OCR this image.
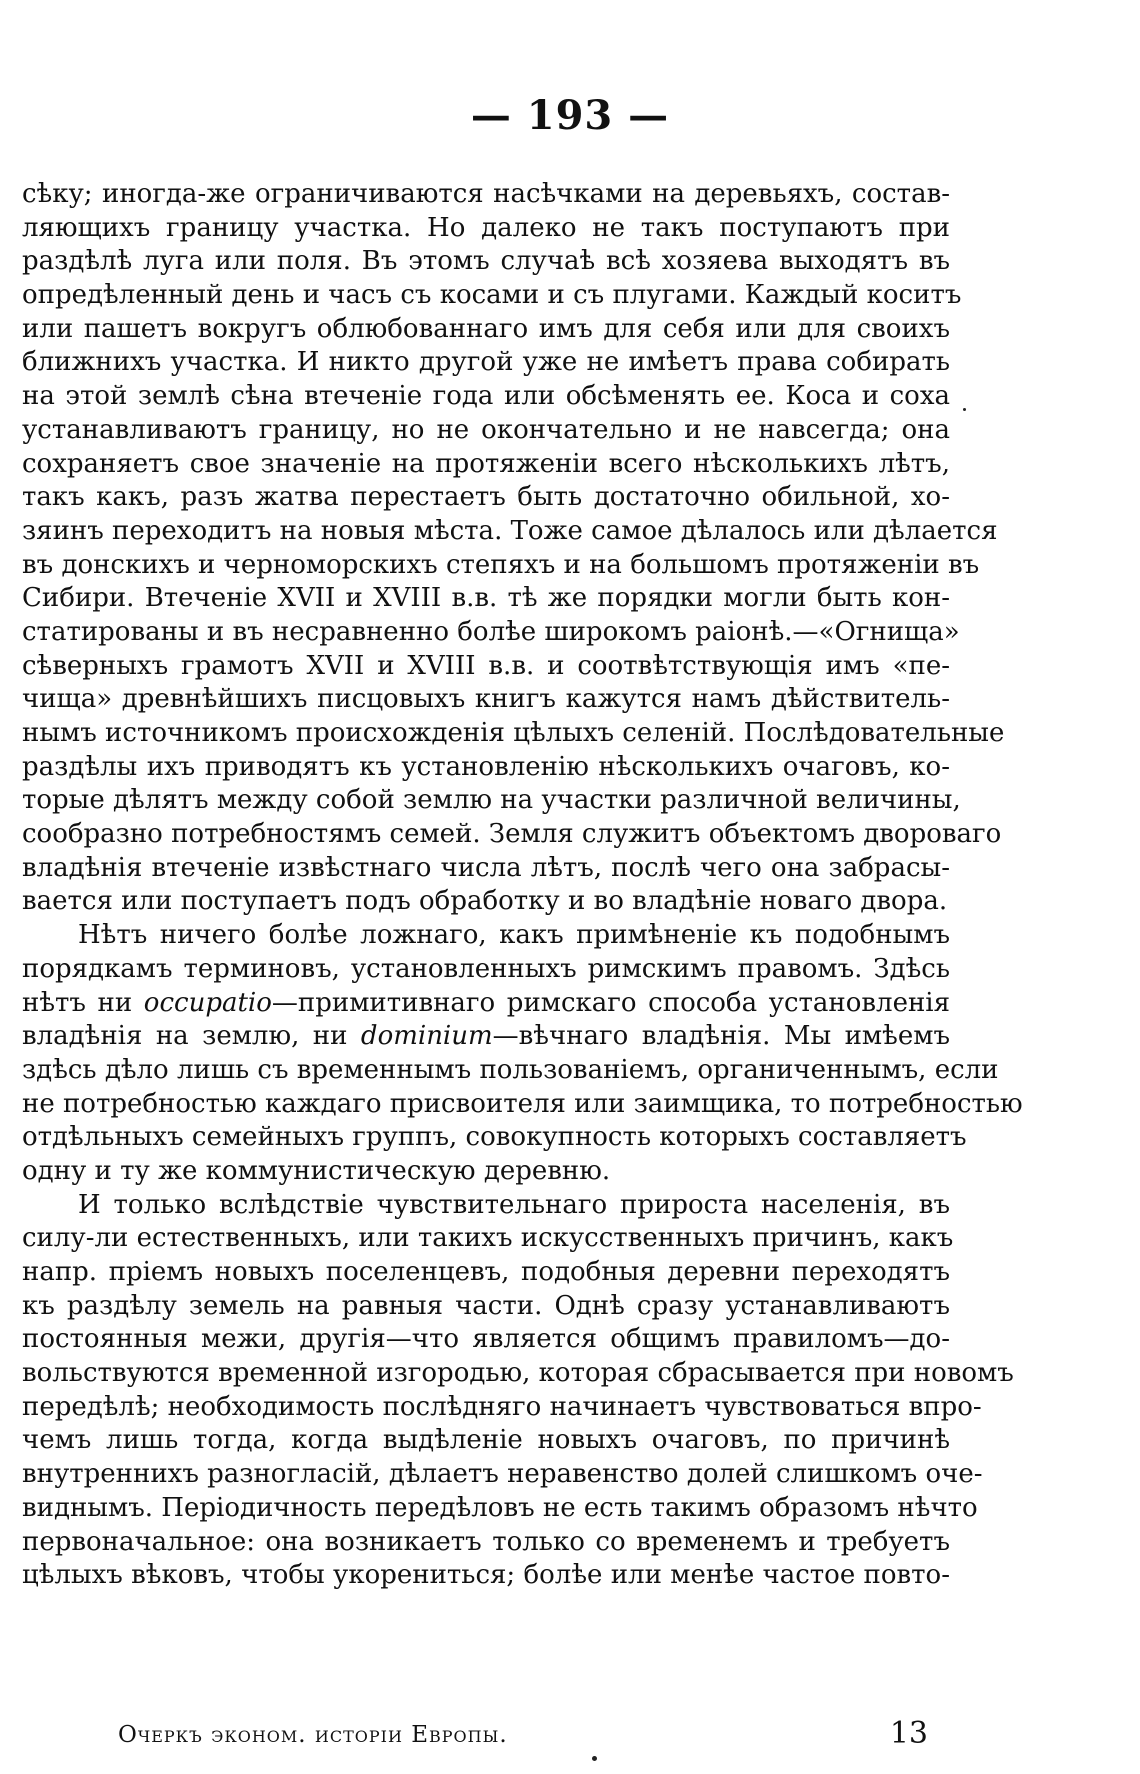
— 193 —
сѣку; иногда-же ограничиваются насѣчками на деревьяхъ, состав-
ляющихъ границу участка. Но далеко не такъ поступаютъ при
раздѣлѣ луга или поля. Въ этомъ случаѣ всѣ хозяева выходятъ въ
опредѣленный день и часъ съ косами и съ плугами. Каждый коситъ
или пашетъ вокругъ облюбованнаго имъ для себя или для своихъ
ближнихъ участка. И никто другой уже не имѣетъ права собирать
на этой землѣ сѣна втеченіе года или обсѣменять ее. Коса и соха
устанавливаютъ границу, но не окончательно и не навсегда; она
сохраняетъ свое значеніе на протяженіи всего нѣсколькихъ лѣтъ,
такъ какъ, разъ жатва перестаетъ быть достаточно обильной, хо-
зяинъ переходитъ на новыя мѣста. Тоже самое дѣлалось или дѣлается
въ донскихъ и черноморскихъ степяхъ и на большомъ протяженіи въ
Сибири. Втеченіе XVII и XVIII в.в. тѣ же порядки могли быть кон-
статированы и въ несравненно болѣе широкомъ раіонѣ.—«Огнища»
сѣверныхъ грамотъ XVII и XVIII в.в. и соотвѣтствующія имъ «пе-
чища» древнѣйшихъ писцовыхъ книгъ кажутся намъ дѣйствитель-
нымъ источникомъ происхожденія цѣлыхъ селеній. Послѣдовательные
раздѣлы ихъ приводятъ къ установленію нѣсколькихъ очаговъ, ко-
торые дѣлятъ между собой землю на участки различной величины,
сообразно потребностямъ семей. Земля служитъ объектомъ двороваго
владѣнія втеченіе извѣстнаго числа лѣтъ, послѣ чего она забрасы-
вается или поступаетъ подъ обработку и во владѣніе новаго двора.
Нѣтъ ничего болѣе ложнаго, какъ примѣненіе къ подобнымъ
порядкамъ терминовъ, установленныхъ римскимъ правомъ. Здѣсь
нѣтъ ни occupatio—примитивнаго римскаго способа установленія
владѣнія на землю, ни dominium—вѣчнаго владѣнія. Мы имѣемъ
здѣсь дѣло лишь съ временнымъ пользованіемъ, органиченнымъ, если
не потребностью каждаго присвоителя или заимщика, то потребностью
отдѣльныхъ семейныхъ группъ, совокупность которыхъ составляетъ
одну и ту же коммунистическую деревню.
И только вслѣдствіе чувствительнаго прироста населенія, въ
силу-ли естественныхъ, или такихъ искусственныхъ причинъ, какъ
напр. пріемъ новыхъ поселенцевъ, подобныя деревни переходятъ
къ раздѣлу земель на равныя части. Однѣ сразу устанавливаютъ
постоянныя межи, другія—что является общимъ правиломъ—до-
вольствуются временной изгородью, которая сбрасывается при новомъ
передѣлѣ; необходимость послѣдняго начинаетъ чувствоваться впро-
чемъ лишь тогда, когда выдѣленіе новыхъ очаговъ, по причинѣ
внутреннихъ разногласій, дѣлаетъ неравенство долей слишкомъ оче-
виднымъ. Періодичность передѣловъ не есть такимъ образомъ нѣчто
первоначальное: она возникаетъ только со временемъ и требуетъ
цѣлыхъ вѣковъ, чтобы укорениться; болѣе или менѣе частое повто-
Очеркъ эконом. исторіи Европы.	13
